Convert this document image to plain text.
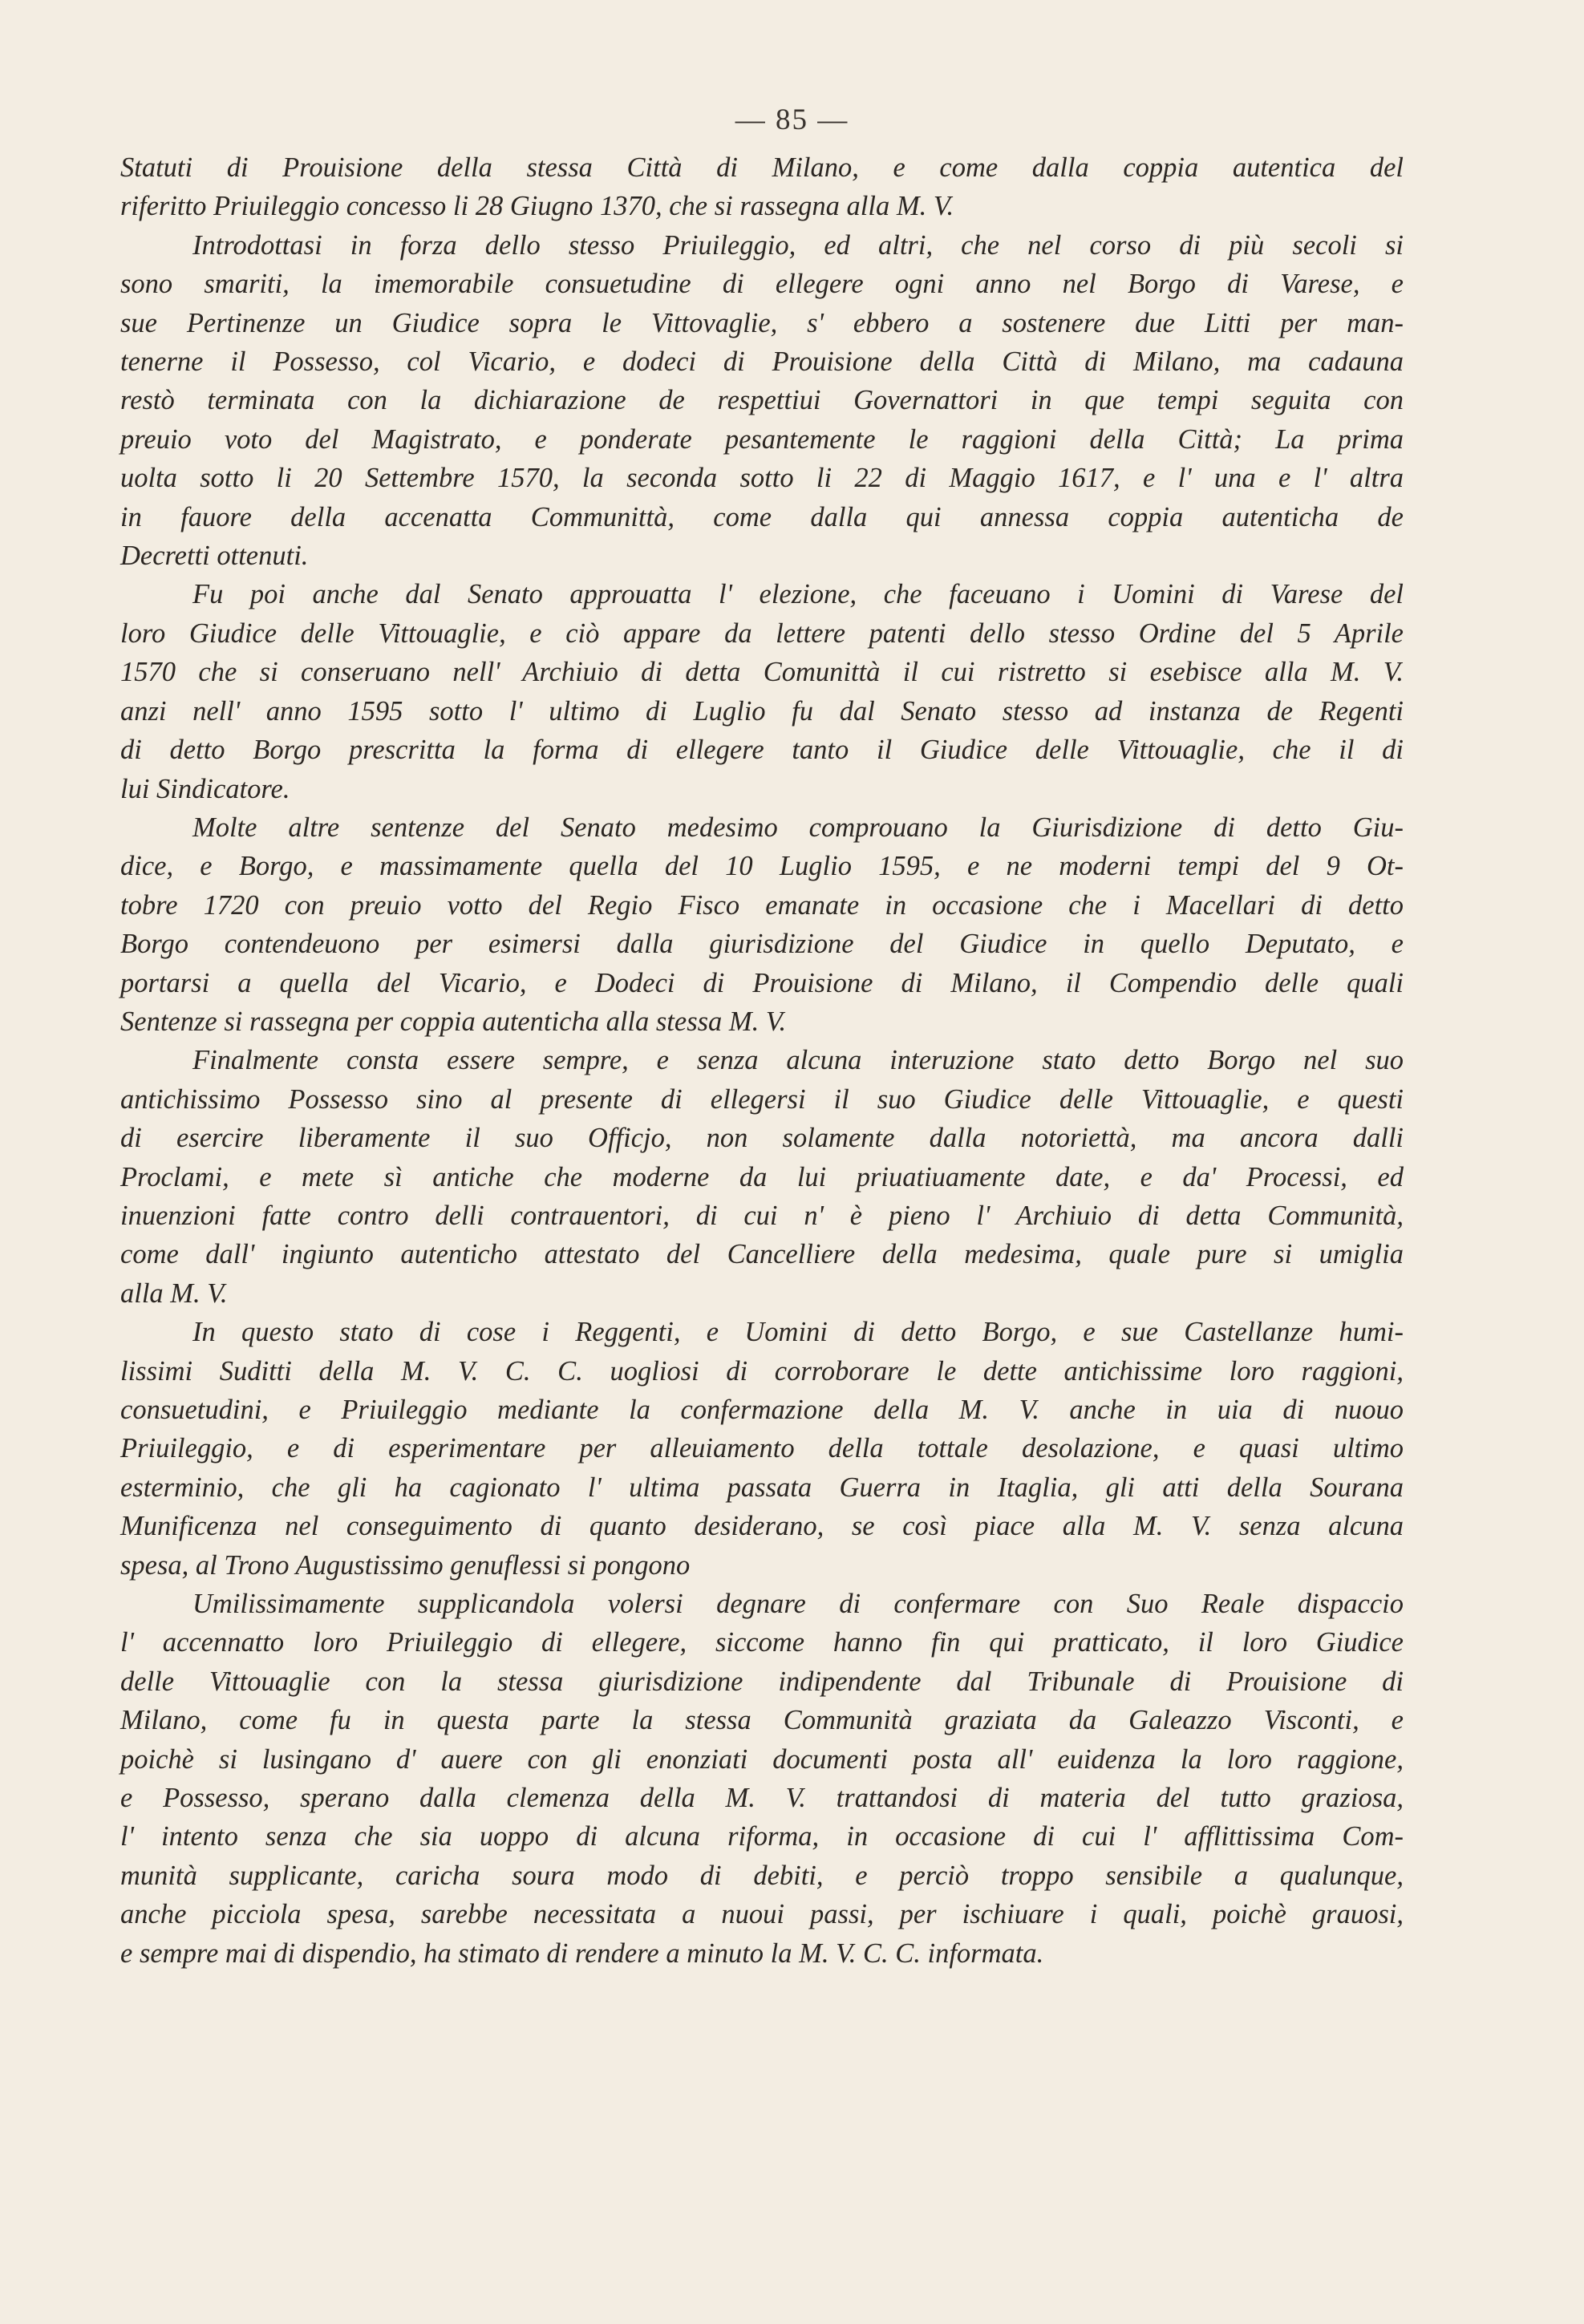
— 85 —

Statuti di Prouisione della stessa Città di Milano, e come dalla coppia autentica del

riferitto Priuileggio concesso li 28 Giugno 1370, che si rassegna alla M. V.

Introdottasi in forza dello stesso Priuileggio, ed altri, che nel corso di più secoli si

sono smariti, la imemorabile consuetudine di ellegere ogni anno nel Borgo di Varese, e

sue Pertinenze un Giudice sopra le Vittovaglie, s' ebbero a sostenere due Litti per man-

tenerne il Possesso, col Vicario, e dodeci di Prouisione della Città di Milano, ma cadauna

restò terminata con la dichiarazione de respettiui Governattori in que tempi seguita con

preuio voto del Magistrato, e ponderate pesantemente le raggioni della Città; La prima

uolta sotto li 20 Settembre 1570, la seconda sotto li 22 di Maggio 1617, e l' una e l' altra

in fauore della accenatta Communittà, come dalla qui annessa coppia autenticha de

Decretti ottenuti.

Fu poi anche dal Senato approuatta l' elezione, che faceuano i Uomini di Varese del

loro Giudice delle Vittouaglie, e ciò appare da lettere patenti dello stesso Ordine del 5 Aprile

1570 che si conseruano nell' Archiuio di detta Comunittà il cui ristretto si esebisce alla M. V.

anzi nell' anno 1595 sotto l' ultimo di Luglio fu dal Senato stesso ad instanza de Regenti

di detto Borgo prescritta la forma di ellegere tanto il Giudice delle Vittouaglie, che il di

lui Sindicatore.

Molte altre sentenze del Senato medesimo comprouano la Giurisdizione di detto Giu-

dice, e Borgo, e massimamente quella del 10 Luglio 1595, e ne moderni tempi del 9 Ot-

tobre 1720 con preuio votto del Regio Fisco emanate in occasione che i Macellari di detto

Borgo contendeuono per esimersi dalla giurisdizione del Giudice in quello Deputato, e

portarsi a quella del Vicario, e Dodeci di Prouisione di Milano, il Compendio delle quali

Sentenze si rassegna per coppia autenticha alla stessa M. V.

Finalmente consta essere sempre, e senza alcuna interuzione stato detto Borgo nel suo

antichissimo Possesso sino al presente di ellegersi il suo Giudice delle Vittouaglie, e questi

di esercire liberamente il suo Officjo, non solamente dalla notoriettà, ma ancora dalli

Proclami, e mete sì antiche che moderne da lui priuatiuamente date, e da' Processi, ed

inuenzioni fatte contro delli contrauentori, di cui n' è pieno l' Archiuio di detta Communità,

come dall' ingiunto autenticho attestato del Cancelliere della medesima, quale pure si umiglia

alla M. V.

In questo stato di cose i Reggenti, e Uomini di detto Borgo, e sue Castellanze humi-

lissimi Suditti della M. V. C. C. uogliosi di corroborare le dette antichissime loro raggioni,

consuetudini, e Priuileggio mediante la confermazione della M. V. anche in uia di nuouo

Priuileggio, e di esperimentare per alleuiamento della tottale desolazione, e quasi ultimo

esterminio, che gli ha cagionato l' ultima passata Guerra in Itaglia, gli atti della Sourana

Munificenza nel conseguimento di quanto desiderano, se così piace alla M. V. senza alcuna

spesa, al Trono Augustissimo genuflessi si pongono

Umilissimamente supplicandola volersi degnare di confermare con Suo Reale dispaccio

l' accennatto loro Priuileggio di ellegere, siccome hanno fin qui pratticato, il loro Giudice

delle Vittouaglie con la stessa giurisdizione indipendente dal Tribunale di Prouisione di

Milano, come fu in questa parte la stessa Communità graziata da Galeazzo Visconti, e

poichè si lusingano d' auere con gli enonziati documenti posta all' euidenza la loro raggione,

e Possesso, sperano dalla clemenza della M. V. trattandosi di materia del tutto graziosa,

l' intento senza che sia uoppo di alcuna riforma, in occasione di cui l' afflittissima Com-

munità supplicante, caricha soura modo di debiti, e perciò troppo sensibile a qualunque,

anche picciola spesa, sarebbe necessitata a nuoui passi, per ischiuare i quali, poichè grauosi,

e sempre mai di dispendio, ha stimato di rendere a minuto la M. V. C. C. informata.
